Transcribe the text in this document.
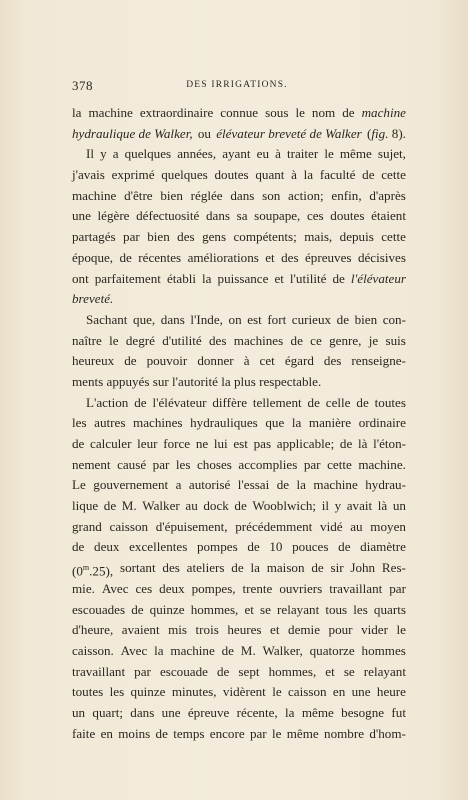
378	DES IRRIGATIONS.
la machine extraordinaire connue sous le nom de machine
hydraulique de Walker, ou élévateur breveté de Walker (fig. 8).
Il y a quelques années, ayant eu à traiter le même sujet,
j'avais exprimé quelques doutes quant à la faculté de cette
machine d'être bien réglée dans son action; enfin, d'après
une légère défectuosité dans sa soupape, ces doutes étaient
partagés par bien des gens compétents; mais, depuis cette
époque, de récentes améliorations et des épreuves décisives
ont parfaitement établi la puissance et l'utilité de l'élévateur
breveté.
Sachant que, dans l'Inde, on est fort curieux de bien con-
naître le degré d'utilité des machines de ce genre, je suis
heureux de pouvoir donner à cet égard des renseigne-
ments appuyés sur l'autorité la plus respectable.
L'action de l'élévateur diffère tellement de celle de toutes
les autres machines hydrauliques que la manière ordinaire
de calculer leur force ne lui est pas applicable; de là l'éton-
nement causé par les choses accomplies par cette machine.
Le gouvernement a autorisé l'essai de la machine hydrau-
lique de M. Walker au dock de Wooblwich; il y avait là un
grand caisson d'épuisement, précédemment vidé au moyen
de deux excellentes pompes de 10 pouces de diamètre
(0$^m$.25), sortant des ateliers de la maison de sir John Res-
mie. Avec ces deux pompes, trente ouvriers travaillant par
escouades de quinze hommes, et se relayant tous les quarts
d'heure, avaient mis trois heures et demie pour vider le
caisson. Avec la machine de M. Walker, quatorze hommes
travaillant par escouade de sept hommes, et se relayant
toutes les quinze minutes, vidèrent le caisson en une heure
un quart; dans une épreuve récente, la même besogne fut
faite en moins de temps encore par le même nombre d'hom-
